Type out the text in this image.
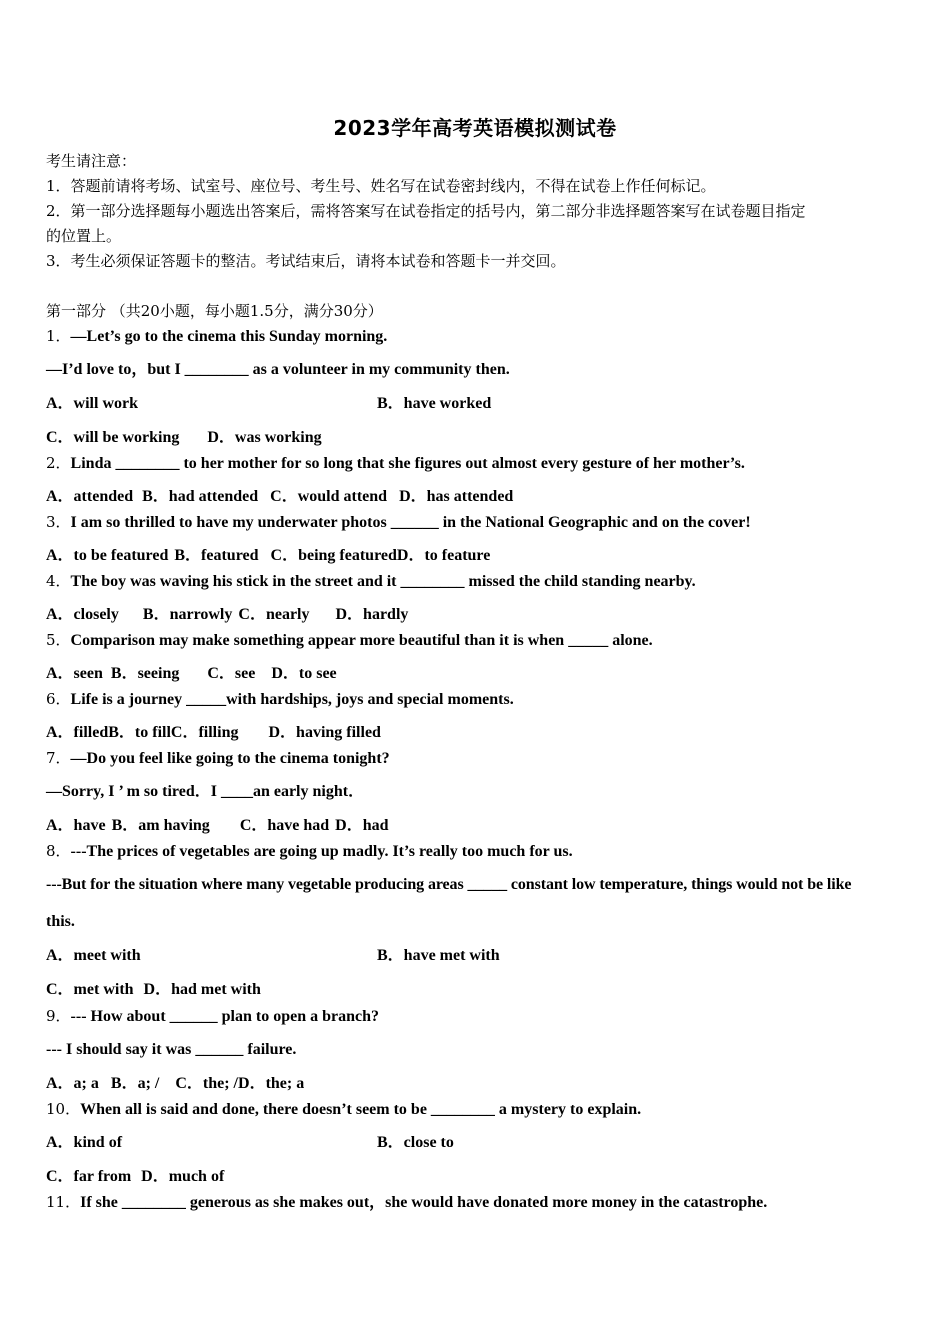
2023学年高考英语模拟测试卷
考生请注意：
1．答题前请将考场、试室号、座位号、考生号、姓名写在试卷密封线内，不得在试卷上作任何标记。
2．第一部分选择题每小题选出答案后，需将答案写在试卷指定的括号内，第二部分非选择题答案写在试卷题目指定
的位置上。
3．考生必须保证答题卡的整洁。考试结束后，请将本试卷和答题卡一并交回。
第一部分 （共20小题，每小题1.5分，满分30分）
1．—Let’s go to the cinema this Sunday morning.
—I’d love to，but I ________ as a volunteer in my community then.
A．will work	B．have worked
C．will be working D．was working
2．Linda ________ to her mother for so long that she figures out almost every gesture of her mother’s.
A．attended B．had attended C．would attend D．has attended
3．I am so thrilled to have my underwater photos ______ in the National Geographic and on the cover!
A．to be featured B．featured C．being featuredD．to feature
4．The boy was waving his stick in the street and it ________ missed the child standing nearby.
A．closely B．narrowly C．nearly D．hardly
5．Comparison may make something appear more beautiful than it is when _____ alone.
A．seen B．seeing C．see D．to see
6．Life is a journey _____with hardships, joys and special moments.
A．filledB．to fillC．filling D．having filled
7．—Do you feel like going to the cinema tonight?
—Sorry, I ’ m so tired．I ____an early night．
A．have B．am having C．have had D．had
8．---The prices of vegetables are going up madly. It’s really too much for us.
---But for the situation where many vegetable producing areas _____ constant low temperature, things would not be like
this.
A．meet with	B．have met with
C．met with D．had met with
9．--- How about ______ plan to open a branch?
--- I should say it was ______ failure.
A．a; a B．a; / C．the; /D．the; a
10．When all is said and done, there doesn’t seem to be ________ a mystery to explain.
A．kind of	B．close to
C．far from D．much of
11．If she ________ generous as she makes out，she would have donated more money in the catastrophe.
